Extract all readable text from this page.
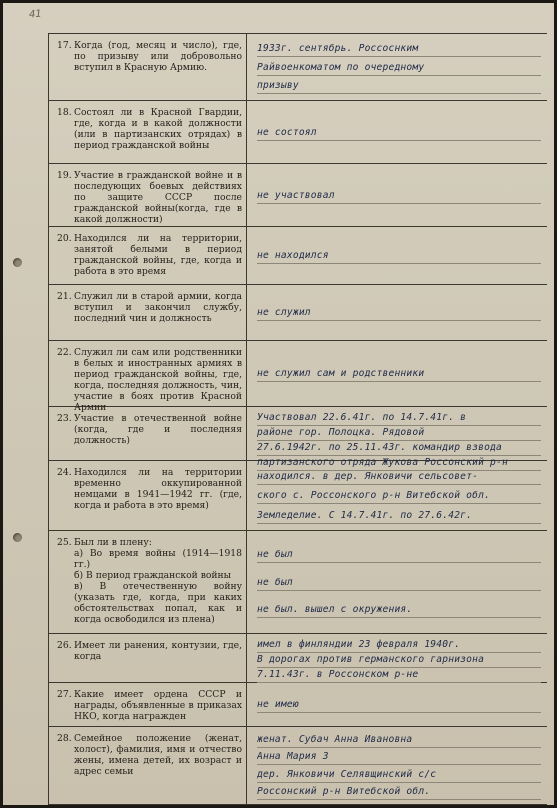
41
17. Когда (год, месяц и число), где, по призыву или добровольно вступил в Красную Армию.
1933г. сентябрь. Россоснким
Райвоенкоматом по очередному
призыву
18. Состоял ли в Красной Гвардии, где, когда и в какой должности (или в партизанских отрядах) в период гражданской войны
не состоял
19. Участие в гражданской войне и в последующих боевых действиях по защите СССР после гражданской войны(когда, где в какой должности)
не участвовал
20. Находился ли на территории, занятой белыми в период гражданской войны, где, когда и работа в это время
не находился
21. Служил ли в старой армии, когда вступил и закончил службу, последний чин и должность
не служил
22. Служил ли сам или родственники в белых и иностранных армиях в период гражданской войны, где, когда, последняя должность, чин, участие в боях против Красной Армии
не служил сам и родственники
23. Участие в отечественной войне (когда, где и последняя должность)
Участвовал 22.6.41г. по 14.7.41г. в
районе гор. Полоцка. Рядовой
27.6.1942г. по 25.11.43г. командир взвода
партизанского отряда Жукова Россонский р-н
24. Находился ли на территории временно оккупированной немцами в 1941—1942 гг. (где, когда и работа в это время)
находился. в дер. Янковичи сельсовет-
ского с. Россонского р-н Витебской обл.
Земледелие. С 14.7.41г. по 27.6.42г.
25. Был ли в плену:
а) Во время войны (1914—1918 гг.)
б) В период гражданской войны
в) В отечественную войну (указать где, когда, при каких обстоятельствах попал, как и когда освободился из плена)
не был
не был
не был. вышел с окружения.
26. Имеет ли ранения, контузии, где, когда
имел в финляндии 23 февраля 1940г.
В дорогах против германского гарнизона
7.11.43г. в Россонском р-не
27. Какие имеет ордена СССР и награды, объявленные в приказах НКО, когда награжден
не имею
28. Семейное положение (женат, холост), фамилия, имя и отчество жены, имена детей, их возраст и адрес семьи
женат. Субач Анна Ивановна
Анна Мария 3
дер. Янковичи Селявщинский с/с
Россонский р-н Витебской обл.
